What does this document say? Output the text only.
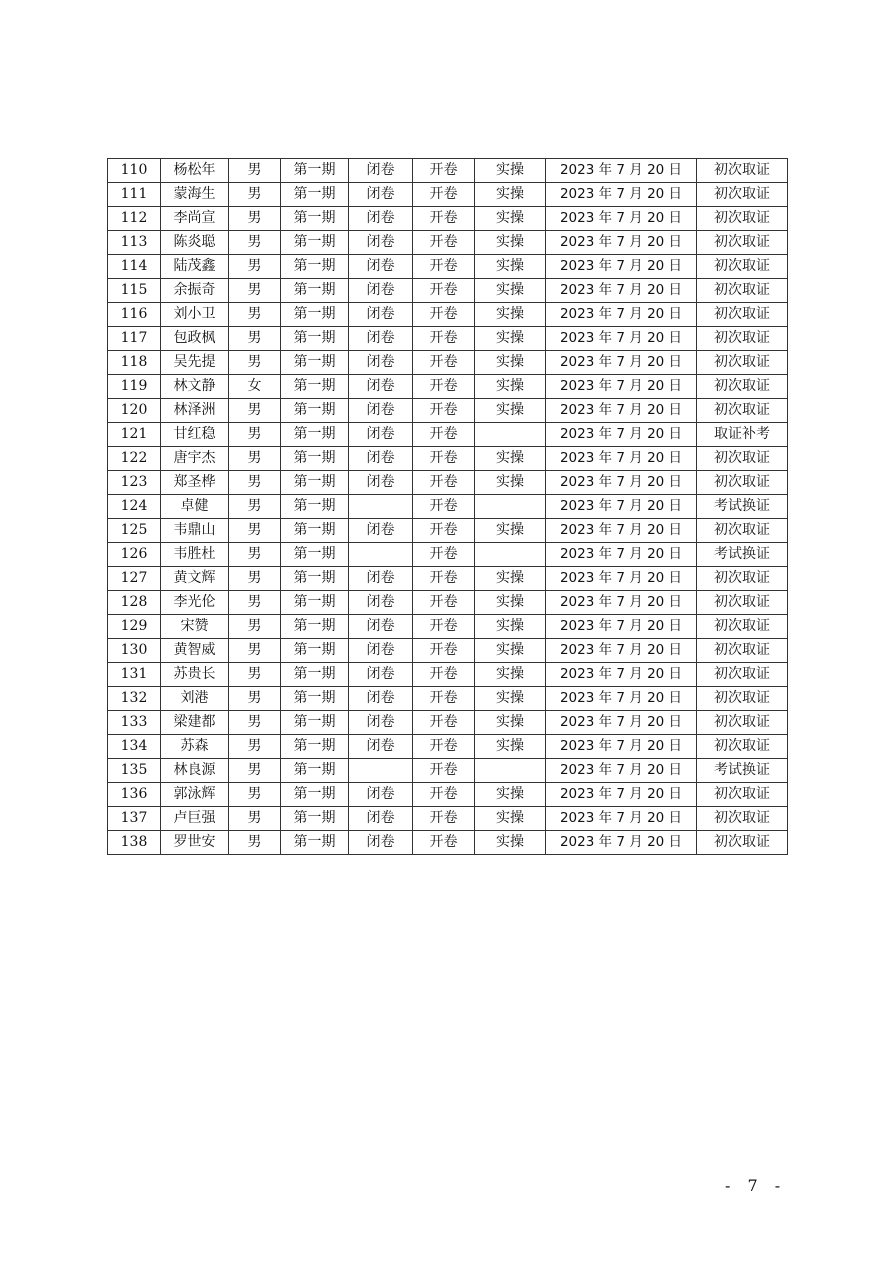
110	杨松年	男	第一期	闭卷	开卷	实操	2023 年 7 月 20 日	初次取证
111	蒙海生	男	第一期	闭卷	开卷	实操	2023 年 7 月 20 日	初次取证
112	李尚宣	男	第一期	闭卷	开卷	实操	2023 年 7 月 20 日	初次取证
113	陈炎聪	男	第一期	闭卷	开卷	实操	2023 年 7 月 20 日	初次取证
114	陆茂鑫	男	第一期	闭卷	开卷	实操	2023 年 7 月 20 日	初次取证
115	余振奇	男	第一期	闭卷	开卷	实操	2023 年 7 月 20 日	初次取证
116	刘小卫	男	第一期	闭卷	开卷	实操	2023 年 7 月 20 日	初次取证
117	包政枫	男	第一期	闭卷	开卷	实操	2023 年 7 月 20 日	初次取证
118	吴先提	男	第一期	闭卷	开卷	实操	2023 年 7 月 20 日	初次取证
119	林文静	女	第一期	闭卷	开卷	实操	2023 年 7 月 20 日	初次取证
120	林泽洲	男	第一期	闭卷	开卷	实操	2023 年 7 月 20 日	初次取证
121	甘红稳	男	第一期	闭卷	开卷		2023 年 7 月 20 日	取证补考
122	唐宇杰	男	第一期	闭卷	开卷	实操	2023 年 7 月 20 日	初次取证
123	郑圣桦	男	第一期	闭卷	开卷	实操	2023 年 7 月 20 日	初次取证
124	卓健	男	第一期		开卷		2023 年 7 月 20 日	考试换证
125	韦鼎山	男	第一期	闭卷	开卷	实操	2023 年 7 月 20 日	初次取证
126	韦胜杜	男	第一期		开卷		2023 年 7 月 20 日	考试换证
127	黄文辉	男	第一期	闭卷	开卷	实操	2023 年 7 月 20 日	初次取证
128	李光伦	男	第一期	闭卷	开卷	实操	2023 年 7 月 20 日	初次取证
129	宋赞	男	第一期	闭卷	开卷	实操	2023 年 7 月 20 日	初次取证
130	黄智威	男	第一期	闭卷	开卷	实操	2023 年 7 月 20 日	初次取证
131	苏贵长	男	第一期	闭卷	开卷	实操	2023 年 7 月 20 日	初次取证
132	刘港	男	第一期	闭卷	开卷	实操	2023 年 7 月 20 日	初次取证
133	梁建都	男	第一期	闭卷	开卷	实操	2023 年 7 月 20 日	初次取证
134	苏森	男	第一期	闭卷	开卷	实操	2023 年 7 月 20 日	初次取证
135	林良源	男	第一期		开卷		2023 年 7 月 20 日	考试换证
136	郭泳辉	男	第一期	闭卷	开卷	实操	2023 年 7 月 20 日	初次取证
137	卢巨强	男	第一期	闭卷	开卷	实操	2023 年 7 月 20 日	初次取证
138	罗世安	男	第一期	闭卷	开卷	实操	2023 年 7 月 20 日	初次取证
- 7 -
